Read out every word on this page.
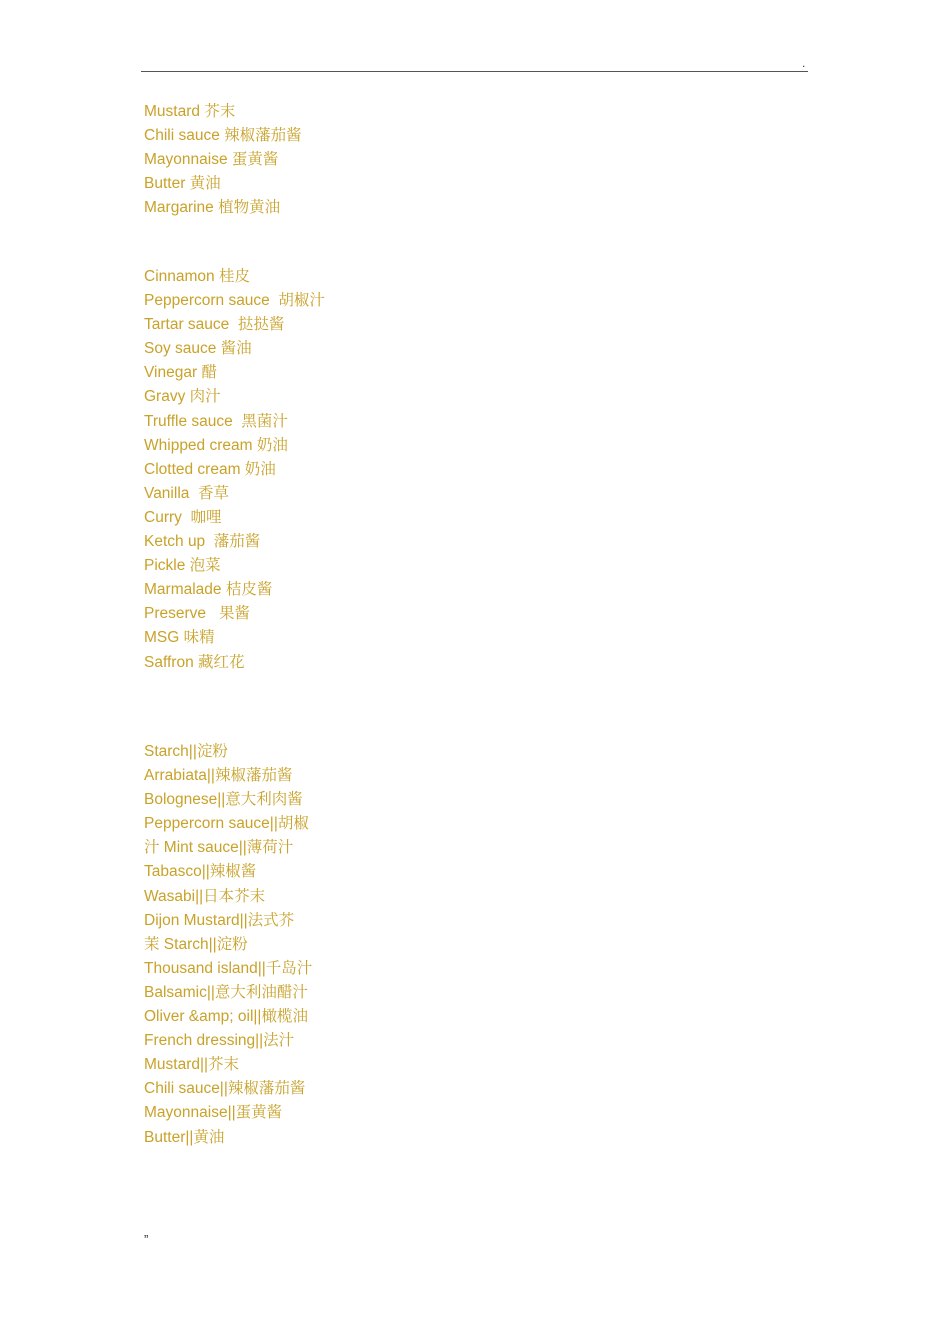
.
Mustard 芥末
Chili sauce 辣椒藩茄酱
Mayonnaise 蛋黄酱
Butter 黄油
Margarine 植物黄油
Cinnamon 桂皮
Peppercorn sauce  胡椒汁
Tartar sauce  挞挞酱
Soy sauce 酱油
Vinegar 醋
Gravy 肉汁
Truffle sauce  黑菌汁
Whipped cream 奶油
Clotted cream 奶油
Vanilla  香草
Curry  咖哩
Ketch up  藩茄酱
Pickle 泡菜
Marmalade 桔皮酱
Preserve   果酱
MSG 味精
Saffron 藏红花
Starch||淀粉
Arrabiata||辣椒藩茄酱
Bolognese||意大利肉酱
Peppercorn sauce||胡椒
汁 Mint sauce||薄荷汁
Tabasco||辣椒酱
Wasabi||日本芥末
Dijon Mustard||法式芥
茉 Starch||淀粉
Thousand island||千岛汁
Balsamic||意大利油醋汁
Oliver &amp; oil||橄榄油
French dressing||法汁
Mustard||芥末
Chili sauce||辣椒藩茄酱
Mayonnaise||蛋黄酱
Butter||黄油
”
